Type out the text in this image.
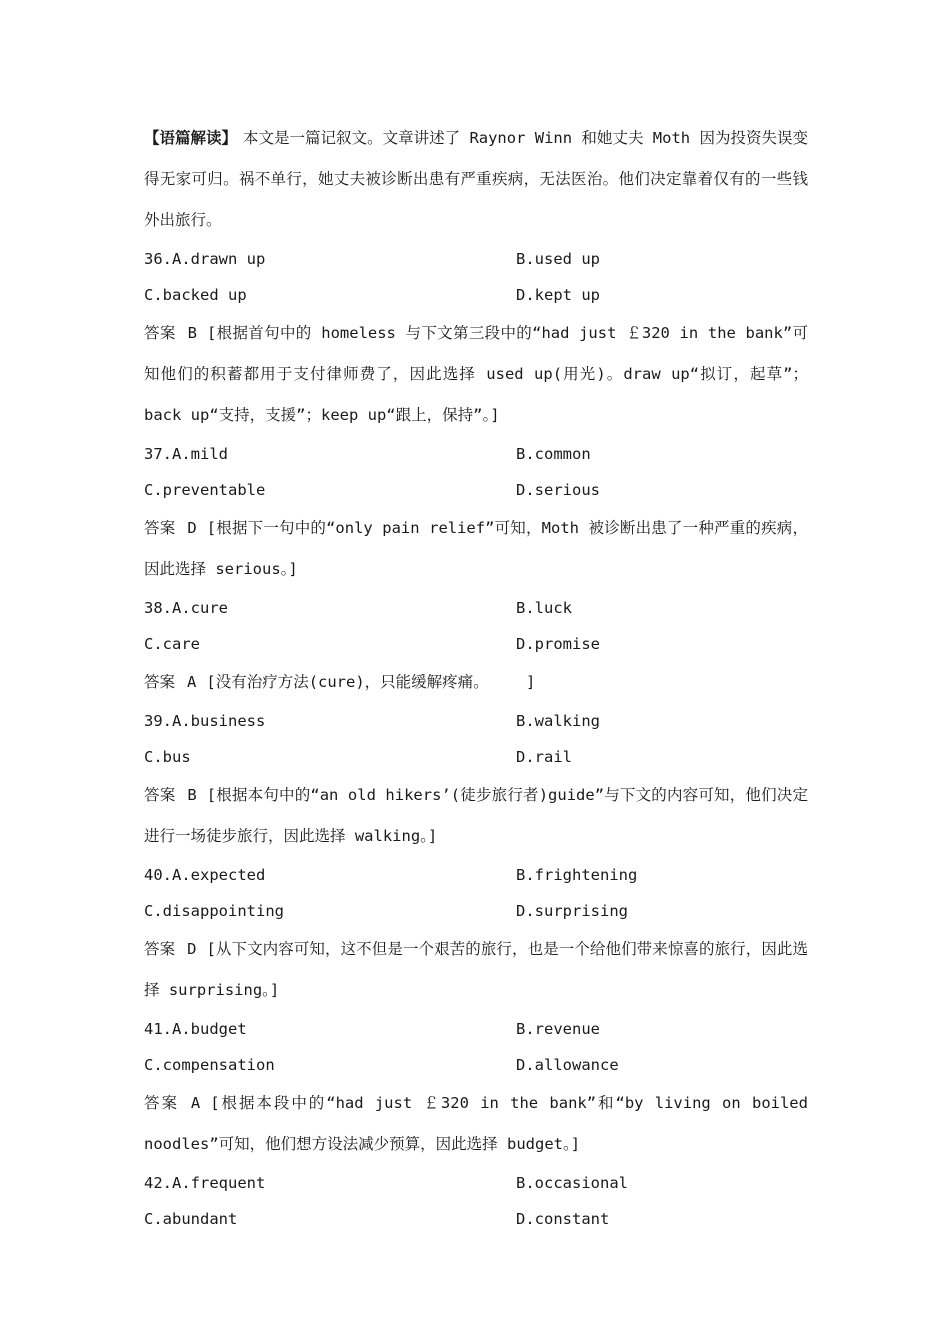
【语篇解读】 本文是一篇记叙文。文章讲述了 Raynor Winn 和她丈夫 Moth 因为投资失误变得无家可归。祸不单行，她丈夫被诊断出患有严重疾病，无法医治。他们决定靠着仅有的一些钱外出旅行。

36.A.drawn up	B.used up
C.backed up	D.kept up

答案 B [根据首句中的 homeless 与下文第三段中的“had just ￡320 in the bank”可知他们的积蓄都用于支付律师费了，因此选择 used up(用光)。draw up“拟订，起草”；back up“支持，支援”；keep up“跟上，保持”。]

37.A.mild	B.common
C.preventable	D.serious

答案 D [根据下一句中的“only pain relief”可知，Moth 被诊断出患了一种严重的疾病，因此选择 serious。]

38.A.cure	B.luck
C.care	D.promise

答案 A [没有治疗方法(cure)，只能缓解疼痛。    ]

39.A.business	B.walking
C.bus	D.rail

答案 B [根据本句中的“an old hikers’(徒步旅行者)guide”与下文的内容可知，他们决定进行一场徒步旅行，因此选择 walking。]

40.A.expected	B.frightening
C.disappointing	D.surprising

答案 D [从下文内容可知，这不但是一个艰苦的旅行，也是一个给他们带来惊喜的旅行，因此选择 surprising。]

41.A.budget	B.revenue
C.compensation	D.allowance

答案 A [根据本段中的“had just ￡320 in the bank”和“by living on boiled noodles”可知，他们想方设法减少预算，因此选择 budget。]

42.A.frequent	B.occasional
C.abundant	D.constant
